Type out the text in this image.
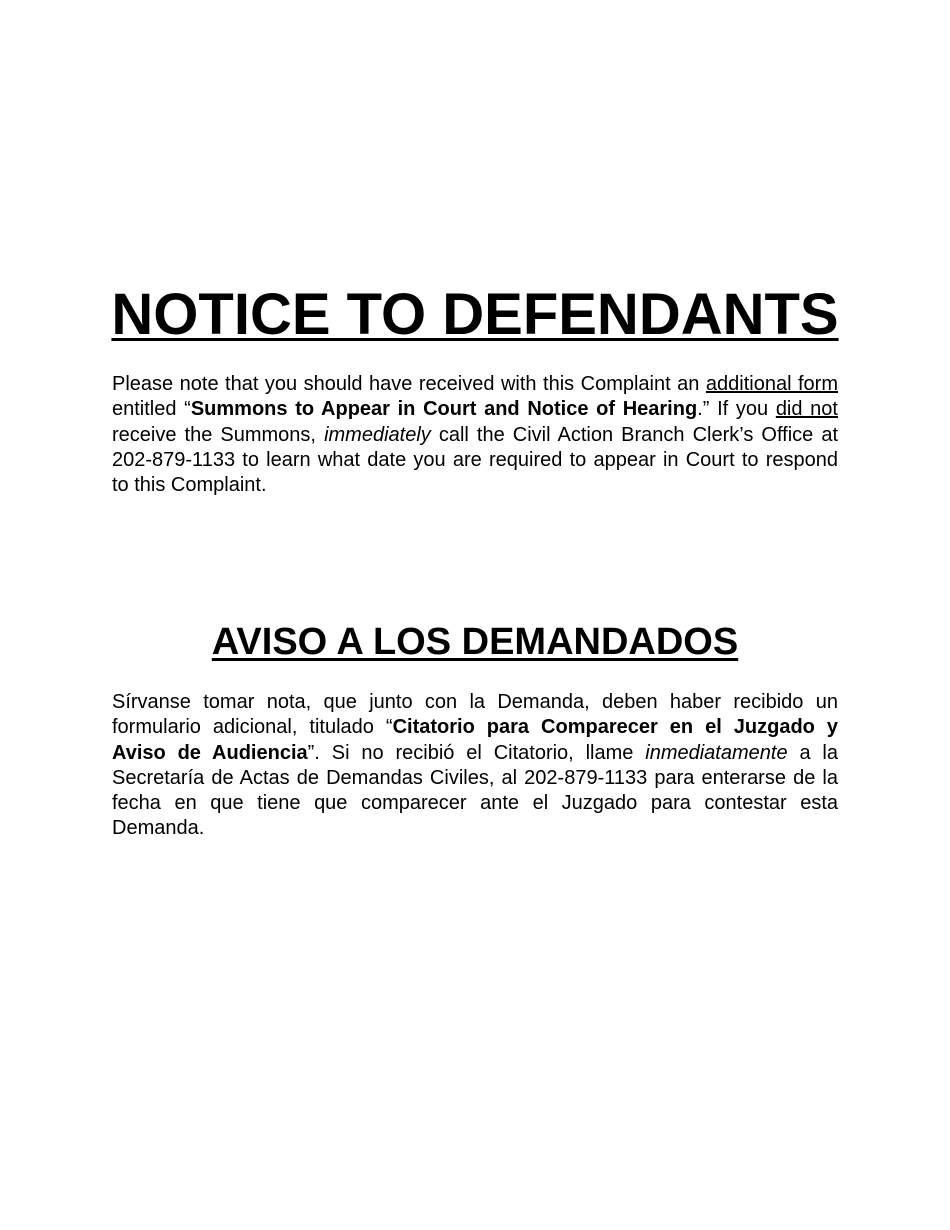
NOTICE TO DEFENDANTS

Please note that you should have received with this Complaint an additional form entitled “Summons to Appear in Court and Notice of Hearing.” If you did not receive the Summons, immediately call the Civil Action Branch Clerk’s Office at 202-879-1133 to learn what date you are required to appear in Court to respond to this Complaint.

AVISO A LOS DEMANDADOS

Sírvanse tomar nota, que junto con la Demanda, deben haber recibido un formulario adicional, titulado “Citatorio para Comparecer en el Juzgado y Aviso de Audiencia”. Si no recibió el Citatorio, llame inmediatamente a la Secretaría de Actas de Demandas Civiles, al 202-879-1133 para enterarse de la fecha en que tiene que comparecer ante el Juzgado para contestar esta Demanda.
